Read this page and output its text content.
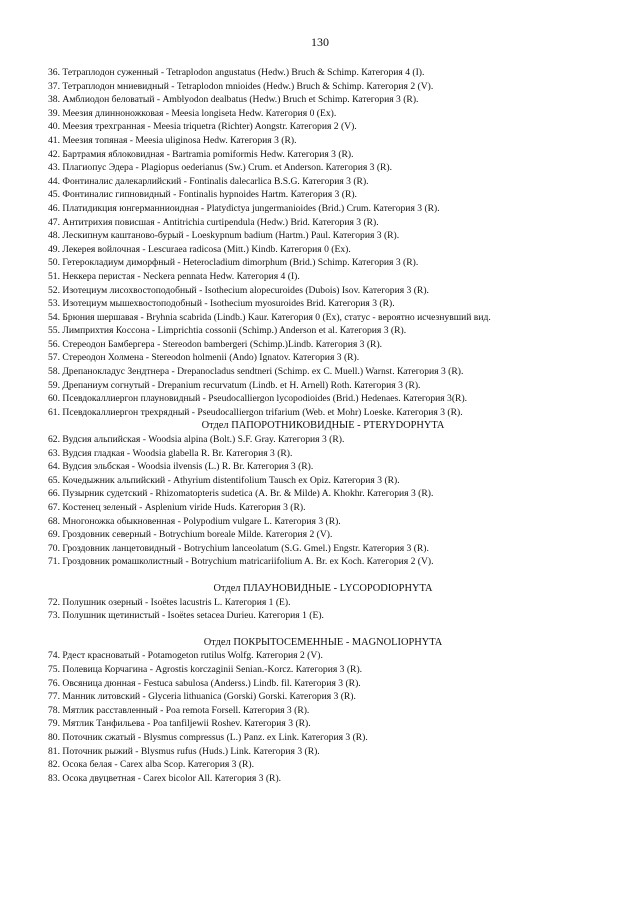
130
36. Тетраплодон суженный - Tetraplodon angustatus (Hedw.) Bruch & Schimp. Категория 4 (I).
37. Тетраплодон мниевидный - Tetraplodon mnioides (Hedw.) Bruch & Schimp. Категория 2 (V).
38. Амблиодон беловатый - Amblyodon dealbatus (Hedw.) Bruch et Schimp. Категория 3 (R).
39. Меезия длинноножковая - Meesia longiseta Hedw. Категория 0 (Ex).
40. Меезия трехгранная - Meesia triquetra (Richter) Aongstr. Категория 2 (V).
41. Меезия топяная - Meesia uliginosa Hedw. Категория 3 (R).
42. Бартрамия яблоковидная - Bartramia pomiformis Hedw. Категория 3 (R).
43. Плагиопус Эдера - Plagiopus oederianus (Sw.) Crum. et Anderson. Категория 3 (R).
44. Фонтиналис далекарлийский - Fontinalis dalecarlica B.S.G. Категория 3 (R).
45. Фонтиналис гипновидный - Fontinalis hypnoides Hartm. Категория 3 (R).
46. Платидикция юнгерманниоидная - Platydictya jungermanioides (Brid.) Crum. Категория 3 (R).
47. Антитрихия повисшая - Antitrichia curtipendula (Hedw.) Brid. Категория 3 (R).
48. Лескипнум каштаново-бурый - Loeskypnum badium (Hartm.) Paul. Категория 3 (R).
49. Лекерея войлочная - Lescuraea radicosa (Mitt.) Kindb. Категория 0 (Ex).
50. Гетерокладиум диморфный - Heterocladium dimorphum (Brid.) Schimp. Категория 3 (R).
51. Неккера перистая - Neckera pennata Hedw. Категория 4 (I).
52. Изотециум лисохвостоподобный - Isothecium alopecuroides (Dubois) Isov. Категория 3 (R).
53. Изотециум мышехвостоподобный - Isothecium myosuroides Brid. Категория 3 (R).
54. Брюния шершавая - Bryhnia scabrida (Lindb.) Kaur. Категория 0 (Ex), статус - вероятно исчезнувший вид.
55. Лимприхтия Коссона - Limprichtia cossonii (Schimp.) Anderson et al. Категория 3 (R).
56. Стереодон Бамбергера - Stereodon bambergeri (Schimp.)Lindb. Категория 3 (R).
57. Стереодон Холмена - Stereodon holmenii (Ando) Ignatov. Категория 3 (R).
58. Дрепанокладус Зендтнера - Drepanocladus sendtneri (Schimp. ex C. Muell.) Warnst. Категория 3 (R).
59. Дрепаниум согнутый - Drepanium recurvatum (Lindb. et H. Arnell) Roth. Категория 3 (R).
60. Псевдокаллиергон плауновидный - Pseudocalliergon lycopodioides (Brid.) Hedenaes. Категория 3(R).
61. Псевдокаллиергон трехрядный - Pseudocalliergon trifarium (Web. et Mohr) Loeske. Категория 3 (R).
Отдел ПАПОРОТНИКОВИДНЫЕ - PTERYDOPHYTA
62. Вудсия альпийская - Woodsia alpina (Bolt.) S.F. Gray. Категория 3 (R).
63. Вудсия гладкая - Woodsia glabella R. Br. Категория 3 (R).
64. Вудсия эльбская - Woodsia ilvensis (L.) R. Br. Категория 3 (R).
65. Кочедыжник альпийский - Athyrium distentifolium Tausch ex Opiz. Категория 3 (R).
66. Пузырник судетский - Rhizomatopteris sudetica (A. Br. & Milde) A. Khokhr. Категория 3 (R).
67. Костенец зеленый - Asplenium viride Huds. Категория 3 (R).
68. Многоножка обыкновенная - Polypodium vulgare L. Категория 3 (R).
69. Гроздовник северный - Botrychium boreale Milde. Категория 2 (V).
70. Гроздовник ланцетовидный - Botrychium lanceolatum (S.G. Gmel.) Engstr. Категория 3 (R).
71. Гроздовник ромашколистный - Botrychium matricariifolium A. Br. ex Koch. Категория 2 (V).
Отдел ПЛАУНОВИДНЫЕ - LYCOPODIOPHYTA
72. Полушник озерный - Isoёtes lacustris L. Категория 1 (E).
73. Полушник щетинистый - Isoёtes setacea Durieu. Категория 1 (E).
Отдел ПОКРЫТОСЕМЕННЫЕ - MAGNOLIOPHYTA
74. Рдест красноватый - Potamogeton rutilus Wolfg. Категория 2 (V).
75. Полевица Корчагина - Agrostis korczaginii Senian.-Korcz. Категория 3 (R).
76. Овсяница дюнная - Festuca sabulosa (Anderss.) Lindb. fil. Категория 3 (R).
77. Манник литовский - Glyceria lithuanica (Gorski) Gorski. Категория 3 (R).
78. Мятлик расставленный - Poa remota Forsell. Категория 3 (R).
79. Мятлик Танфильева - Poa tanfiljewii Roshev. Категория 3 (R).
80. Поточник сжатый - Blysmus compressus (L.) Panz. ex Link. Категория 3 (R).
81. Поточник рыжий - Blysmus rufus (Huds.) Link. Категория 3 (R).
82. Осока белая - Carex alba Scop. Категория 3 (R).
83. Осока двуцветная - Carex bicolor All. Категория 3 (R).
